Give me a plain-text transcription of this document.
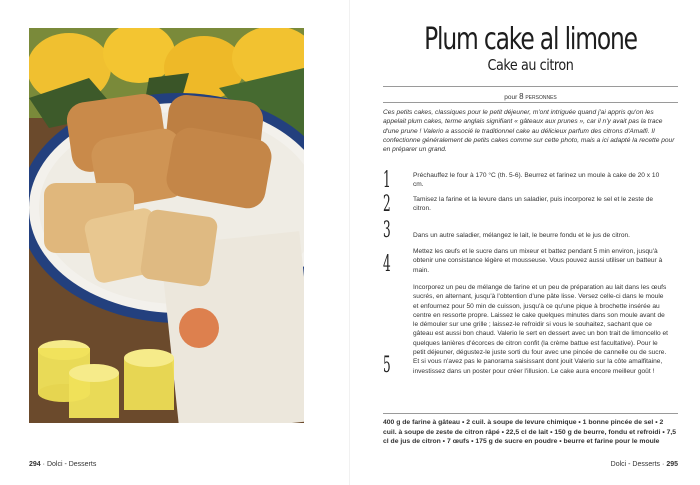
294 · Dolci - Desserts
Plum cake al limone
Cake au citron
pour 8 personnes
Ces petits cakes, classiques pour le petit déjeuner, m'ont intriguée quand j'ai appris qu'on les appelait plum cakes, terme anglais signifiant « gâteaux aux prunes », car il n'y avait pas la trace d'une prune ! Valerio a associé le traditionnel cake au délicieux parfum des citrons d'Amalfi. Il confectionne généralement de petits cakes comme sur cette photo, mais a ici adapté la recette pour en préparer un grand.
1	Préchauffez le four à 170 °C (th. 5-6). Beurrez et farinez un moule à cake de 20 x 10 cm.
2	Tamisez la farine et la levure dans un saladier, puis incorporez le sel et le zeste de citron.
3	Dans un autre saladier, mélangez le lait, le beurre fondu et le jus de citron.
4
Mettez les œufs et le sucre dans un mixeur et battez pendant 5 min environ, jusqu'à obtenir une consistance légère et mousseuse. Vous pouvez aussi utiliser un batteur à main.
5
Incorporez un peu de mélange de farine et un peu de préparation au lait dans les œufs sucrés, en alternant, jusqu'à l'obtention d'une pâte lisse. Versez celle-ci dans le moule et enfournez pour 50 min de cuisson, jusqu'à ce qu'une pique à brochette insérée au centre en ressorte propre. Laissez le cake quelques minutes dans son moule avant de le démouler sur une grille ; laissez-le refroidir si vous le souhaitez, sachant que ce gâteau est aussi bon chaud. Valerio le sert en dessert avec un bon trait de limoncello et quelques lanières d'écorces de citron confit (la crème battue est facultative). Pour le petit déjeuner, dégustez-le juste sorti du four avec une pincée de cannelle ou de sucre. Et si vous n'avez pas le panorama saisissant dont jouit Valerio sur la côte amalfitaine, investissez dans un poster pour créer l'illusion. Le cake aura encore meilleur goût !
400 g de farine à gâteau • 2 cuil. à soupe de levure chimique • 1 bonne pincée de sel • 2 cuil. à soupe de zeste de citron râpé • 22,5 cl de lait • 150 g de beurre, fondu et refroidi • 7,5 cl de jus de citron • 7 œufs • 175 g de sucre en poudre • beurre et farine pour le moule
Dolci - Desserts · 295
